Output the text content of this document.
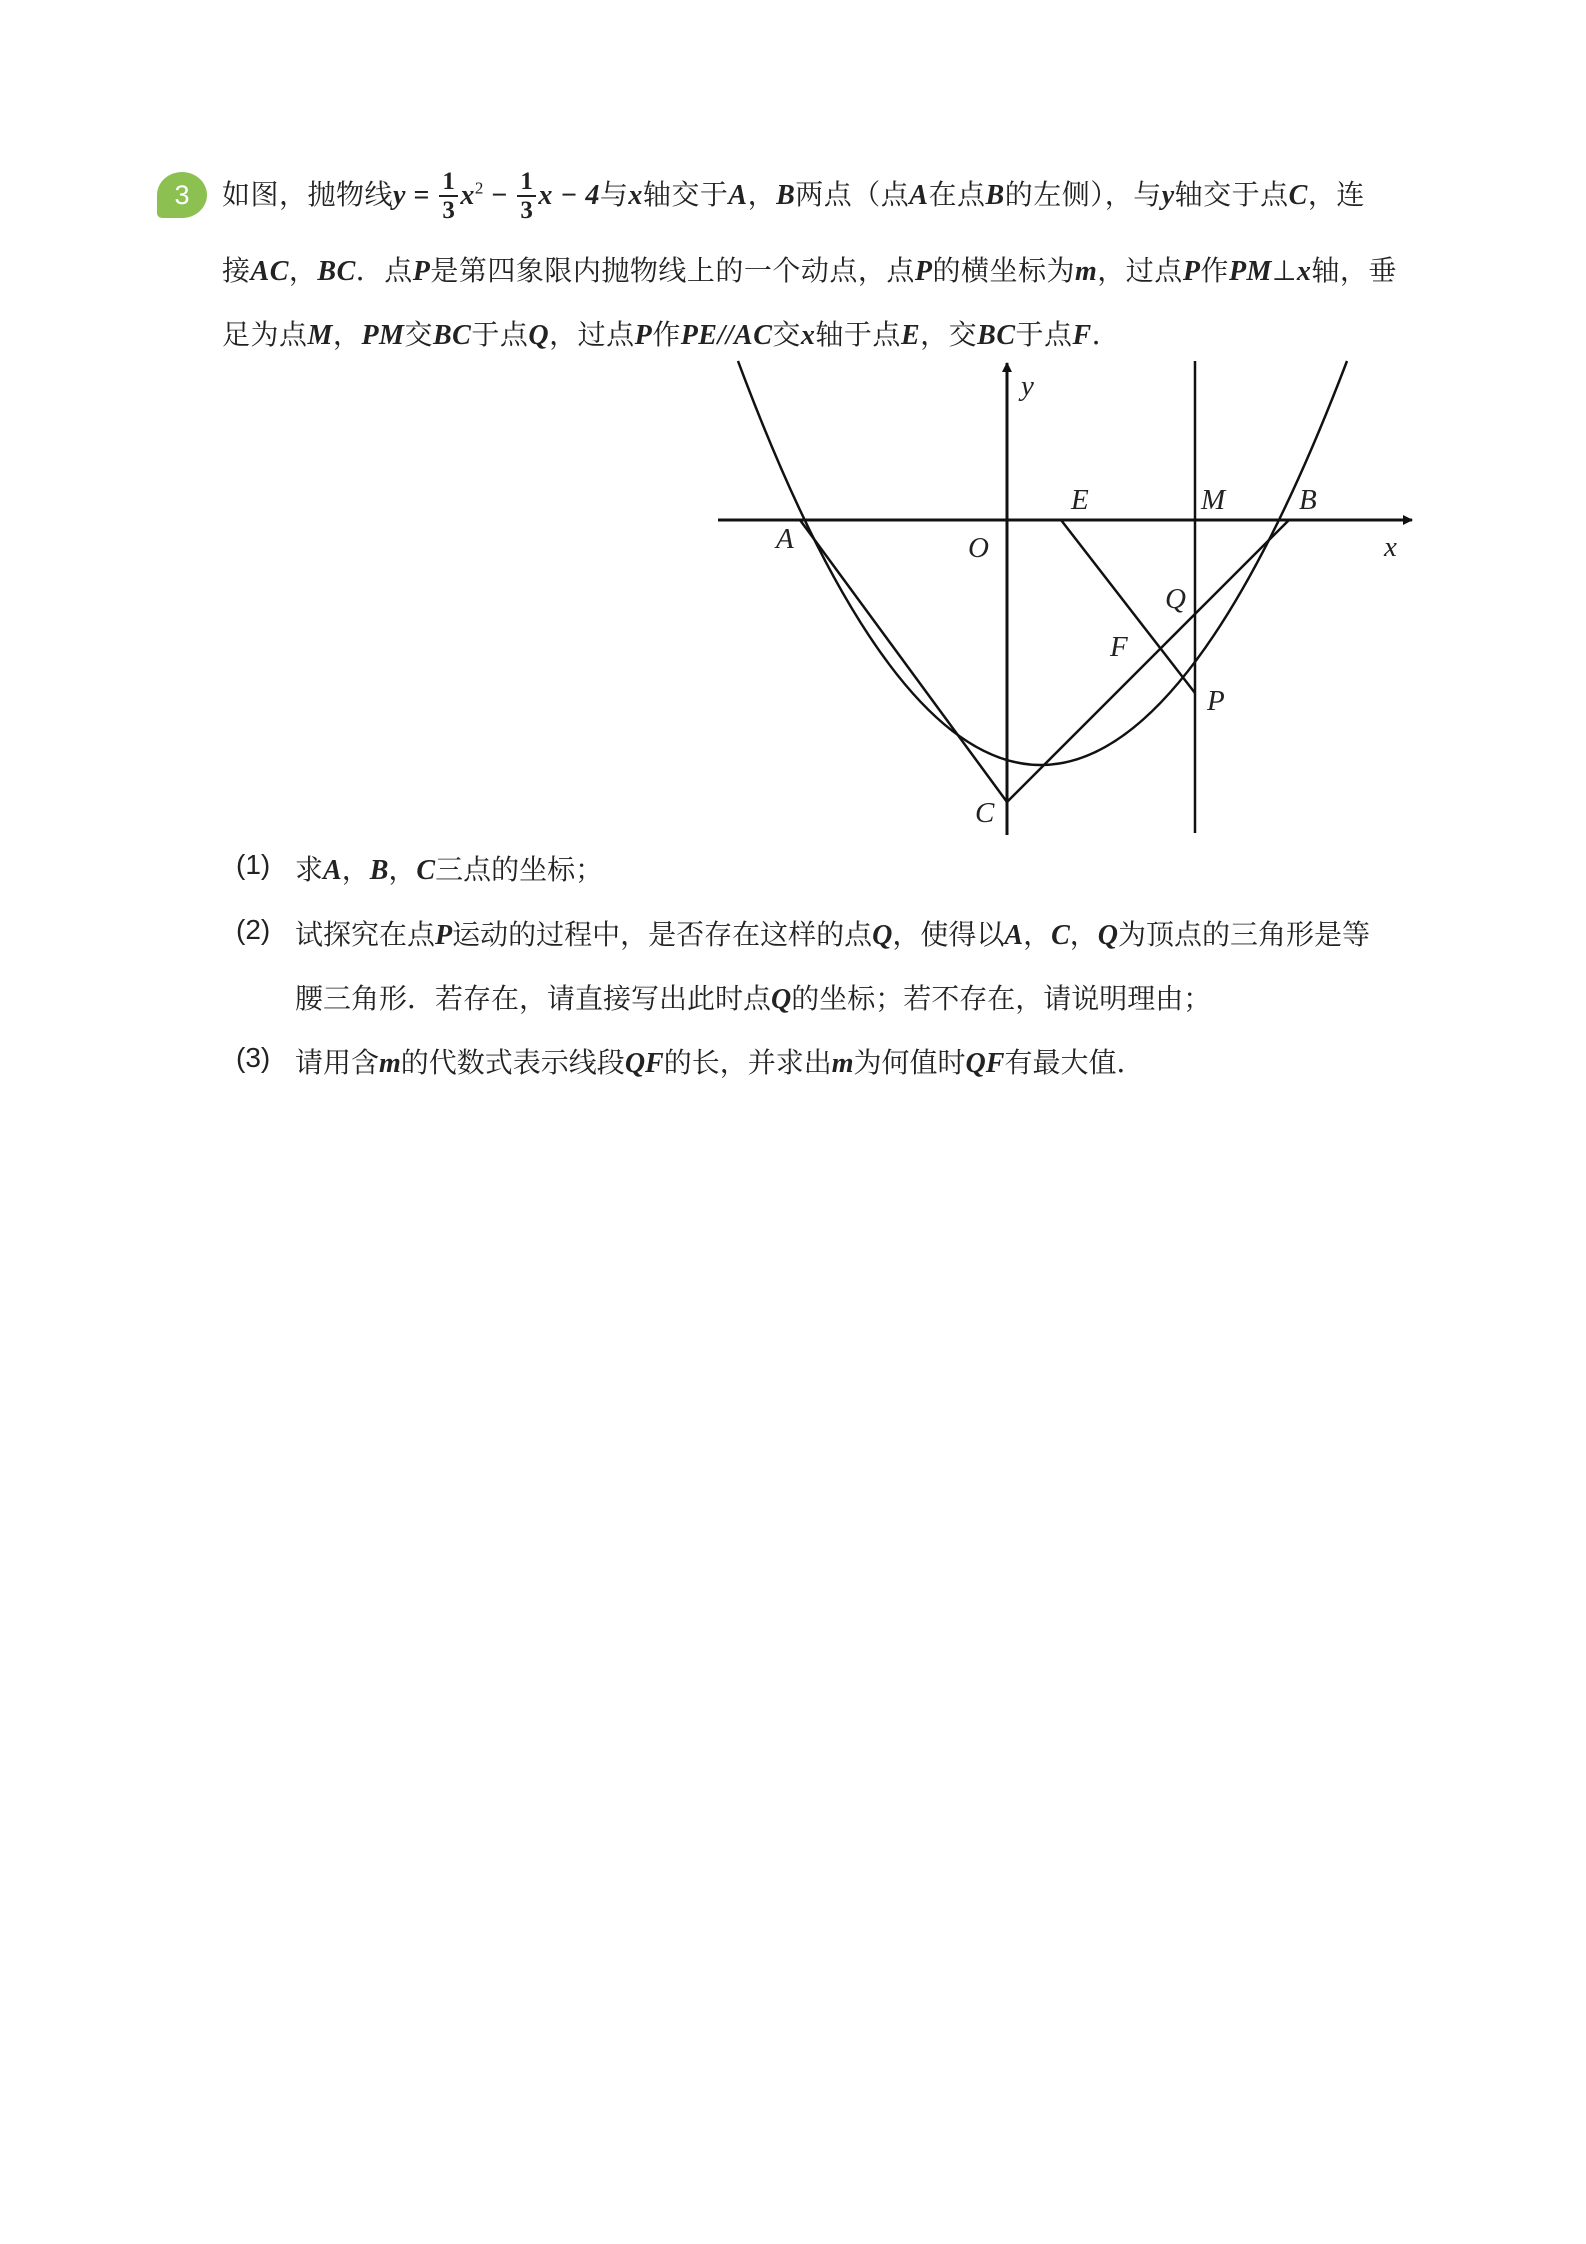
3	如图，抛物线$y = \frac{1}{3} x^2 - \frac{1}{3}$ x − 4与x轴交于A，B两点（点A在点B的左侧），与y轴交于点C，连
接AC，BC．点P是第四象限内抛物线上的一个动点，点P的横坐标为m，过点P作PM⊥x轴，垂
足为点M，PM交BC于点Q，过点P作PE//AC交x轴于点E，交BC于点F．
y
x
O
A
B
C
E	M
Q
F
P
(1) 求A，B，C三点的坐标；
(2) 试探究在点P运动的过程中，是否存在这样的点Q，使得以A，C，Q为顶点的三角形是等
腰三角形．若存在，请直接写出此时点Q的坐标；若不存在，请说明理由；
(3) 请用含m的代数式表示线段QF的长，并求出m为何值时QF有最大值．
